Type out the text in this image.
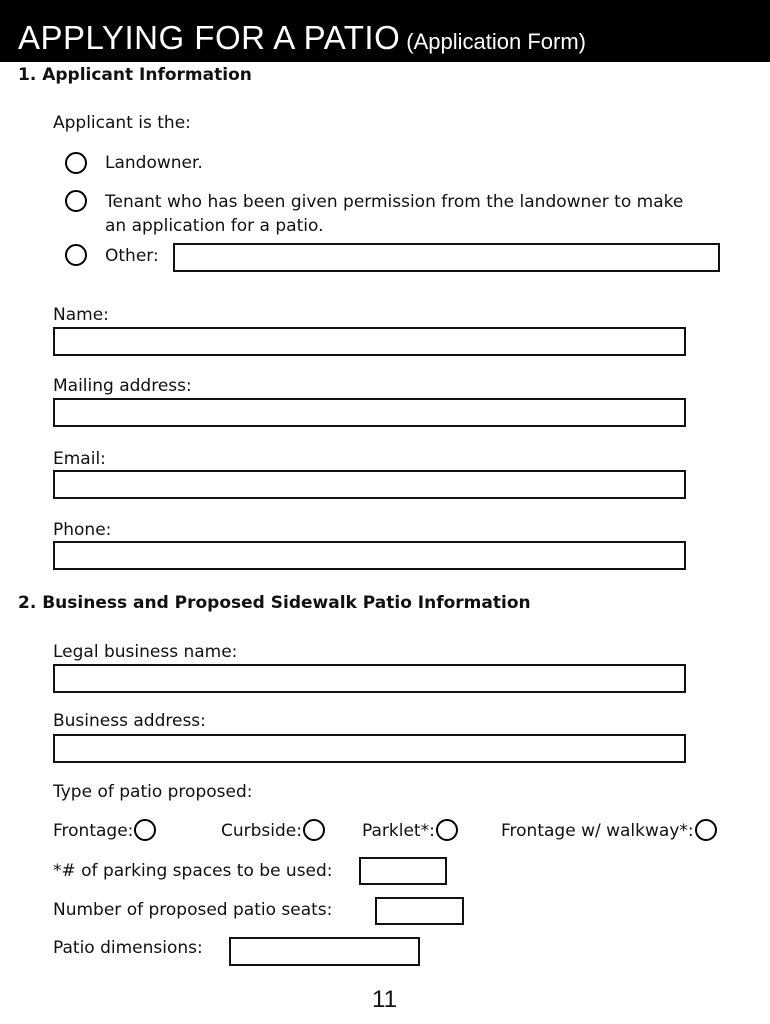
APPLYING FOR A PATIO (Application Form)
1. Applicant Information
Applicant is the:
Landowner.
Tenant who has been given permission from the landowner to make
an application for a patio.
Other:
Name:
Mailing address:
Email:
Phone:
2. Business and Proposed Sidewalk Patio Information
Legal business name:
Business address:
Type of patio proposed:
Frontage:	Curbside:	Parklet*:	Frontage w/ walkway*:
*# of parking spaces to be used:
Number of proposed patio seats:
Patio dimensions:
11
